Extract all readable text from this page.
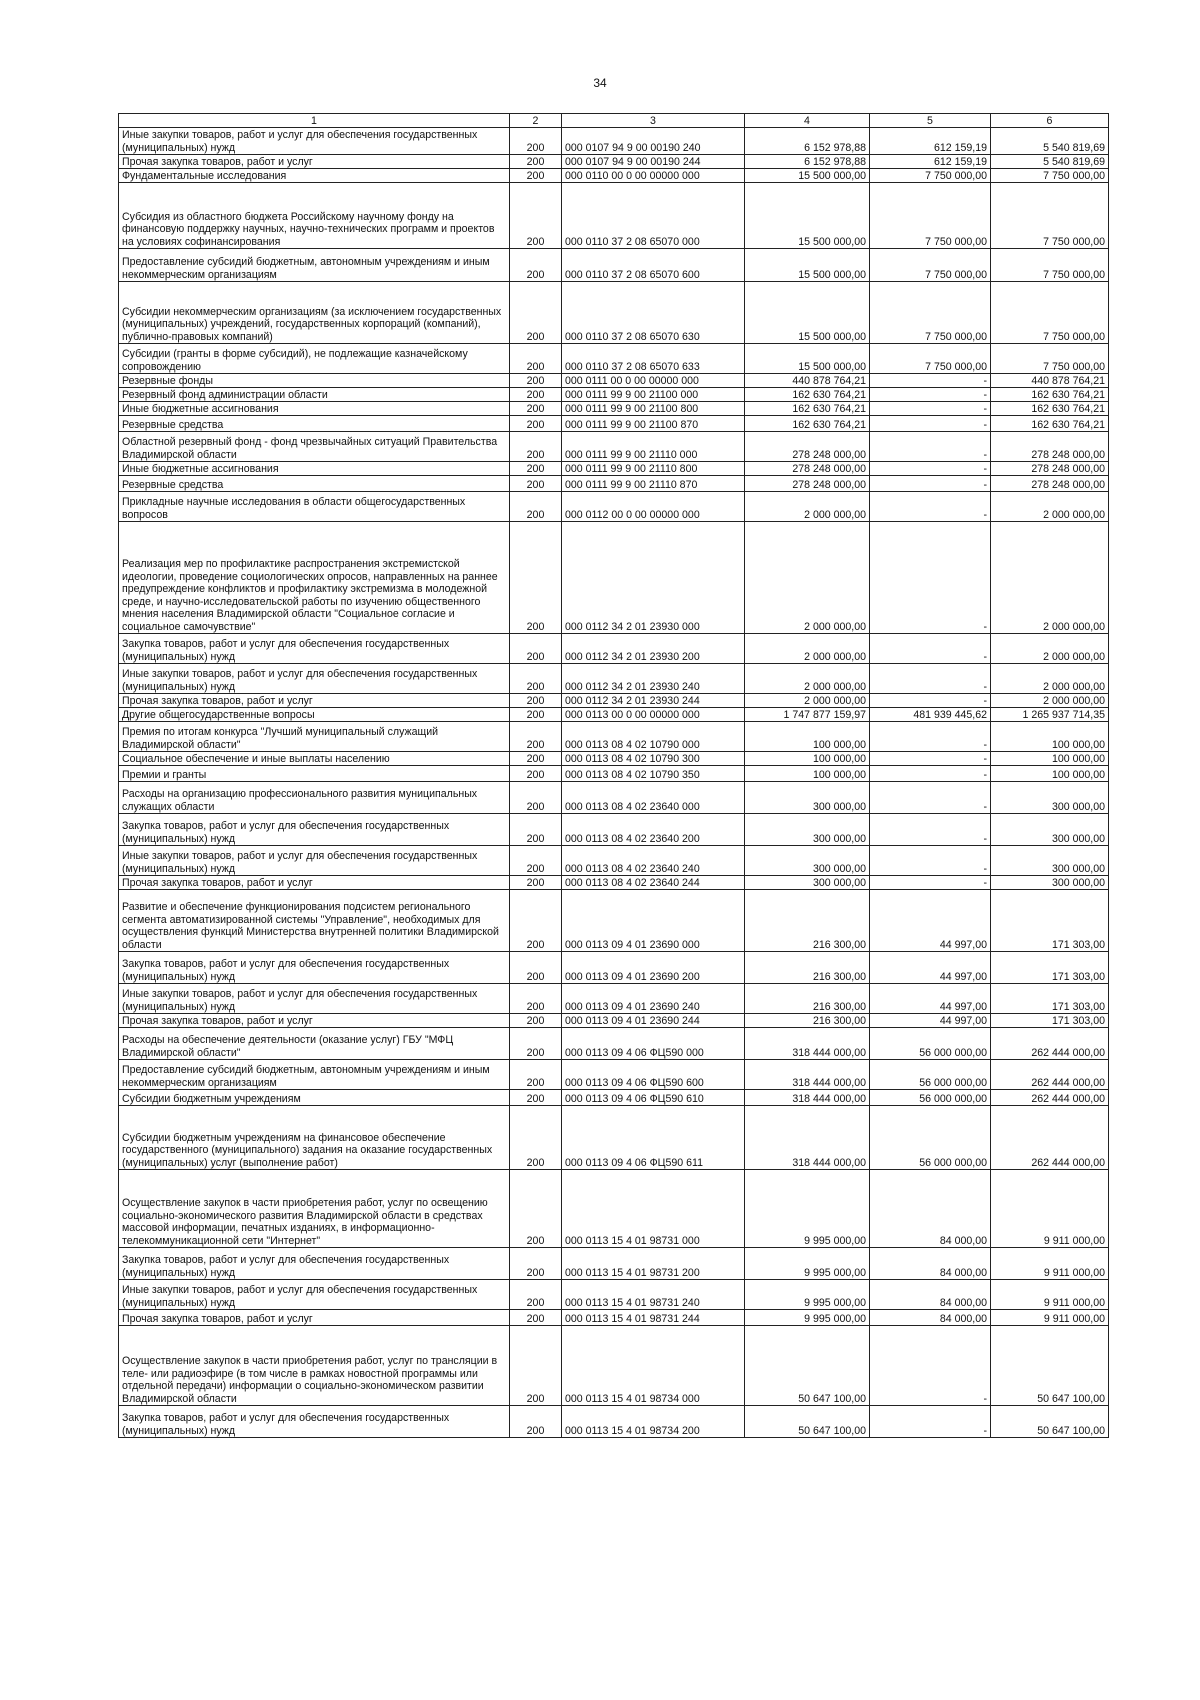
34
1	2	3	4	5	6
Иные закупки товаров, работ и услуг для обеспечения государственных (муниципальных) нужд	200	000 0107 94 9 00 00190 240	6 152 978,88	612 159,19	5 540 819,69
Прочая закупка товаров, работ и услуг	200	000 0107 94 9 00 00190 244	6 152 978,88	612 159,19	5 540 819,69
Фундаментальные исследования	200	000 0110 00 0 00 00000 000	15 500 000,00	7 750 000,00	7 750 000,00
Субсидия из областного бюджета Российскому научному фонду на финансовую поддержку научных, научно-технических программ и проектов на условиях софинансирования	200	000 0110 37 2 08 65070 000	15 500 000,00	7 750 000,00	7 750 000,00
Предоставление субсидий бюджетным, автономным учреждениям и иным некоммерческим организациям	200	000 0110 37 2 08 65070 600	15 500 000,00	7 750 000,00	7 750 000,00
Субсидии некоммерческим организациям (за исключением государственных (муниципальных) учреждений, государственных корпораций (компаний), публично-правовых компаний)	200	000 0110 37 2 08 65070 630	15 500 000,00	7 750 000,00	7 750 000,00
Субсидии (гранты в форме субсидий), не подлежащие казначейскому сопровождению	200	000 0110 37 2 08 65070 633	15 500 000,00	7 750 000,00	7 750 000,00
Резервные фонды	200	000 0111 00 0 00 00000 000	440 878 764,21	-	440 878 764,21
Резервный фонд администрации области	200	000 0111 99 9 00 21100 000	162 630 764,21	-	162 630 764,21
Иные бюджетные ассигнования	200	000 0111 99 9 00 21100 800	162 630 764,21	-	162 630 764,21
Резервные средства	200	000 0111 99 9 00 21100 870	162 630 764,21	-	162 630 764,21
Областной резервный фонд - фонд чрезвычайных ситуаций Правительства Владимирской области	200	000 0111 99 9 00 21110 000	278 248 000,00	-	278 248 000,00
Иные бюджетные ассигнования	200	000 0111 99 9 00 21110 800	278 248 000,00	-	278 248 000,00
Резервные средства	200	000 0111 99 9 00 21110 870	278 248 000,00	-	278 248 000,00
Прикладные научные исследования в области общегосударственных вопросов	200	000 0112 00 0 00 00000 000	2 000 000,00	-	2 000 000,00
Реализация мер по профилактике распространения экстремистской идеологии, проведение социологических опросов, направленных на раннее предупреждение конфликтов и профилактику экстремизма в молодежной среде, и научно-исследовательской работы по изучению общественного мнения населения Владимирской области "Социальное согласие и социальное самочувствие"	200	000 0112 34 2 01 23930 000	2 000 000,00	-	2 000 000,00
Закупка товаров, работ и услуг для обеспечения государственных (муниципальных) нужд	200	000 0112 34 2 01 23930 200	2 000 000,00	-	2 000 000,00
Иные закупки товаров, работ и услуг для обеспечения государственных (муниципальных) нужд	200	000 0112 34 2 01 23930 240	2 000 000,00	-	2 000 000,00
Прочая закупка товаров, работ и услуг	200	000 0112 34 2 01 23930 244	2 000 000,00	-	2 000 000,00
Другие общегосударственные вопросы	200	000 0113 00 0 00 00000 000	1 747 877 159,97	481 939 445,62	1 265 937 714,35
Премия по итогам конкурса "Лучший муниципальный служащий Владимирской области"	200	000 0113 08 4 02 10790 000	100 000,00	-	100 000,00
Социальное обеспечение и иные выплаты населению	200	000 0113 08 4 02 10790 300	100 000,00	-	100 000,00
Премии и гранты	200	000 0113 08 4 02 10790 350	100 000,00	-	100 000,00
Расходы на организацию профессионального развития муниципальных служащих области	200	000 0113 08 4 02 23640 000	300 000,00	-	300 000,00
Закупка товаров, работ и услуг для обеспечения государственных (муниципальных) нужд	200	000 0113 08 4 02 23640 200	300 000,00	-	300 000,00
Иные закупки товаров, работ и услуг для обеспечения государственных (муниципальных) нужд	200	000 0113 08 4 02 23640 240	300 000,00	-	300 000,00
Прочая закупка товаров, работ и услуг	200	000 0113 08 4 02 23640 244	300 000,00	-	300 000,00
Развитие и обеспечение функционирования подсистем регионального сегмента автоматизированной системы "Управление", необходимых для осуществления функций Министерства внутренней политики Владимирской области	200	000 0113 09 4 01 23690 000	216 300,00	44 997,00	171 303,00
Закупка товаров, работ и услуг для обеспечения государственных (муниципальных) нужд	200	000 0113 09 4 01 23690 200	216 300,00	44 997,00	171 303,00
Иные закупки товаров, работ и услуг для обеспечения государственных (муниципальных) нужд	200	000 0113 09 4 01 23690 240	216 300,00	44 997,00	171 303,00
Прочая закупка товаров, работ и услуг	200	000 0113 09 4 01 23690 244	216 300,00	44 997,00	171 303,00
Расходы на обеспечение деятельности (оказание услуг) ГБУ "МФЦ Владимирской области"	200	000 0113 09 4 06 ФЦ590 000	318 444 000,00	56 000 000,00	262 444 000,00
Предоставление субсидий бюджетным, автономным учреждениям и иным некоммерческим организациям	200	000 0113 09 4 06 ФЦ590 600	318 444 000,00	56 000 000,00	262 444 000,00
Субсидии бюджетным учреждениям	200	000 0113 09 4 06 ФЦ590 610	318 444 000,00	56 000 000,00	262 444 000,00
Субсидии бюджетным учреждениям на финансовое обеспечение государственного (муниципального) задания на оказание государственных (муниципальных) услуг (выполнение работ)	200	000 0113 09 4 06 ФЦ590 611	318 444 000,00	56 000 000,00	262 444 000,00
Осуществление закупок в части приобретения работ, услуг по освещению социально-экономического развития Владимирской области в средствах массовой информации, печатных изданиях, в информационно-телекоммуникационной сети "Интернет"	200	000 0113 15 4 01 98731 000	9 995 000,00	84 000,00	9 911 000,00
Закупка товаров, работ и услуг для обеспечения государственных (муниципальных) нужд	200	000 0113 15 4 01 98731 200	9 995 000,00	84 000,00	9 911 000,00
Иные закупки товаров, работ и услуг для обеспечения государственных (муниципальных) нужд	200	000 0113 15 4 01 98731 240	9 995 000,00	84 000,00	9 911 000,00
Прочая закупка товаров, работ и услуг	200	000 0113 15 4 01 98731 244	9 995 000,00	84 000,00	9 911 000,00
Осуществление закупок в части приобретения работ, услуг по трансляции в теле- или радиоэфире (в том числе в рамках новостной программы или отдельной передачи) информации о социально-экономическом развитии Владимирской области	200	000 0113 15 4 01 98734 000	50 647 100,00	-	50 647 100,00
Закупка товаров, работ и услуг для обеспечения государственных (муниципальных) нужд	200	000 0113 15 4 01 98734 200	50 647 100,00	-	50 647 100,00
